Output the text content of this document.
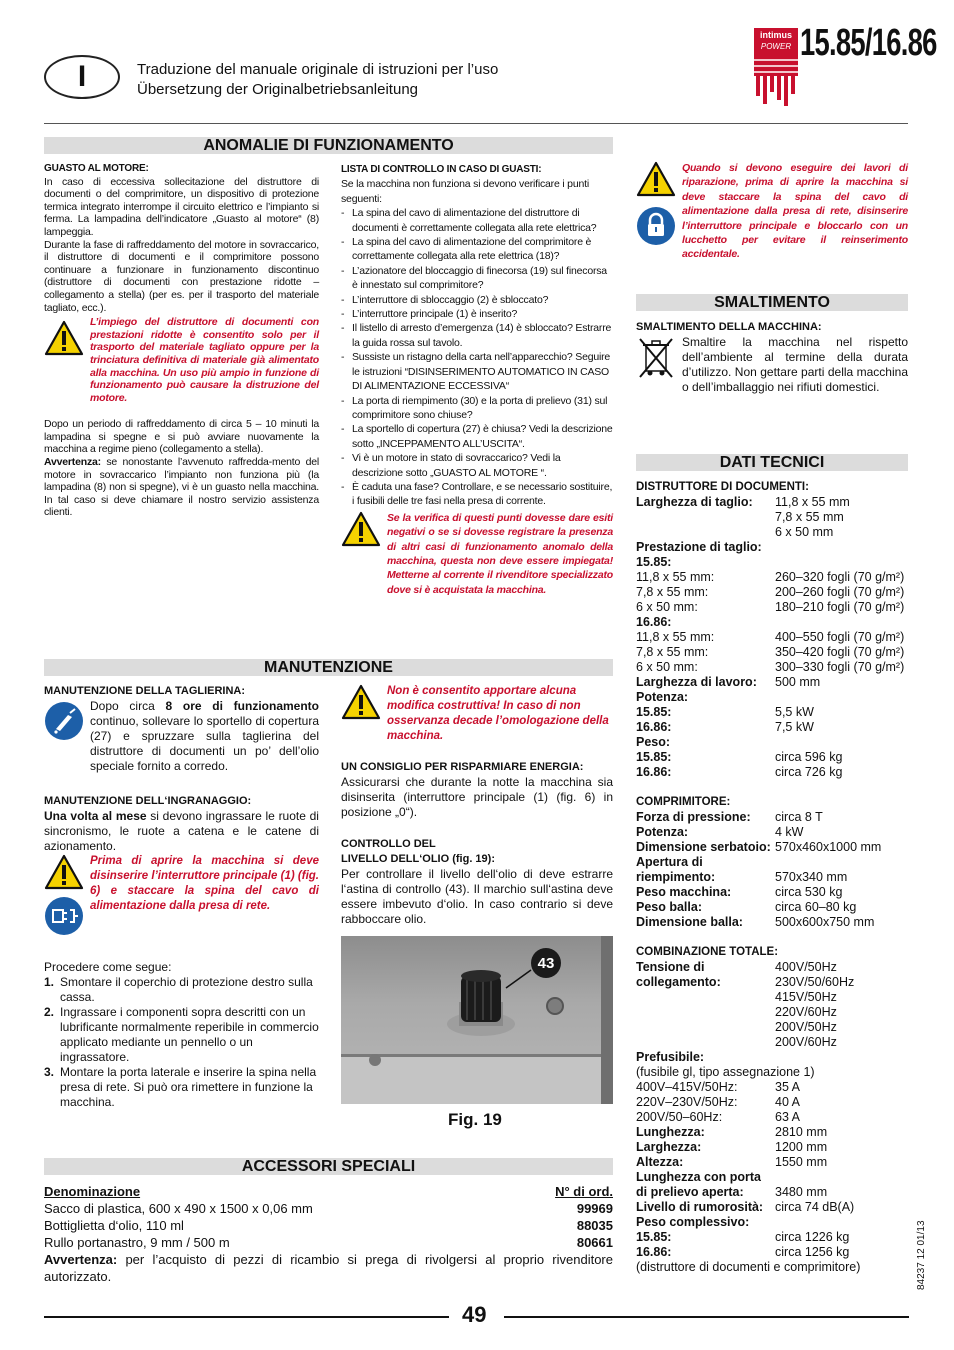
I	Traduzione del manuale originale di istruzioni per l’uso
Übersetzung der Originalbetriebsanleitung
intimus
POWER 15.85/16.86
ANOMALIE DI FUNZIONAMENTO

GUASTO AL MOTORE:

In caso di eccessiva sollecitazione del distruttore di documenti o del comprimitore, un dispositivo di protezione termica integrato interrompe il circuito elettrico e l’impianto si ferma. La lampadina dell’indicatore „Guasto al motore“ (8) lampeggia.

Durante la fase di raffreddamento del motore in sovraccarico, il distruttore di documenti e il comprimitore possono continuare a funzionare in funzionamento discontinuo (distruttore di documenti con prestazione ridotte – collegamento a stella) (per es. per il trasporto del materiale tagliato, ecc.).

L’impiego del distruttore di documenti con prestazioni ridotte è consentito solo per il trasporto del materiale tagliato oppure per la trinciatura definitiva di materiale già alimentato alla macchina. Un uso più ampio in funzione di funzionamento può causare la distruzione del motore.

Dopo un periodo di raffreddamento di circa 5 – 10 minuti la lampadina si spegne e si può avviare nuovamente la macchina a regime pieno (collegamento a stella).

Avvertenza: se nonostante l’avvenuto raffredda-mento del motore in sovraccarico l’impianto non funziona più (la lampadina (8) non si spegne), vi è un guasto nella macchina. In tal caso si deve chiamare il nostro servizio assistenza clienti.

LISTA DI CONTROLLO IN CASO DI GUASTI:

Se la macchina non funziona si devono verificare i punti seguenti:

- La spina del cavo di alimentazione del distruttore di documenti è correttamente collegata alla rete elettrica?
- La spina del cavo di alimentazione del comprimitore è correttamente collegata alla rete elettrica (18)?
- L’azionatore del bloccaggio di finecorsa (19) sul finecorsa è innestato sul comprimitore?
- L’interruttore di sbloccaggio (2) è sbloccato?
- L’interruttore principale (1) è inserito?
- Il listello di arresto d’emergenza (14) è sbloccato? Estrarre la guida rossa sul tavolo.
- Sussiste un ristagno della carta nell’apparecchio? Seguire le istruzioni “DISINSERIMENTO AUTOMATICO IN CASO DI ALIMENTAZIONE ECCESSIVA“
- La porta di riempimento (30) e la porta di prelievo (31) sul comprimitore sono chiuse?
- La sportello di copertura (27) è chiusa? Vedi la descrizione sotto „INCEPPAMENTO ALL’USCITA“.
- Vi è un motore in stato di sovraccarico? Vedi la descrizione sotto „GUASTO AL MOTORE “.
- È caduta una fase? Controllare, e se necessario sostituire, i fusibili delle tre fasi nella presa di corrente.

Se la verifica di questi punti dovesse dare esiti negativi o se si dovesse registrare la presenza di altri casi di funzionamento anomalo della macchina, questa non deve essere impiegata! Metterne al corrente il rivenditore specializzato dove si è acquistata la macchina.

Quando si devono eseguire dei lavori di riparazione, prima di aprire la macchina si deve staccare la spina del cavo di alimentazione dalla presa di rete, disinserire l’interruttore principale e bloccarlo con un lucchetto per evitare il reinserimento accidentale.

SMALTIMENTO

SMALTIMENTO DELLA MACCHINA:

Smaltire la macchina nel rispetto dell’ambiente al termine della durata d’utilizzo. Non gettare parti della macchina o dell’imballaggio nei rifiuti domestici.

DATI TECNICI
DISTRUTTORE DI DOCUMENTI:
Larghezza di taglio:	11,8 x 55 mm
7,8 x 55 mm
6 x 50 mm
Prestazione di taglio:
15.85:
11,8 x 55 mm:	260–320 fogli (70 g/m²)
7,8 x 55 mm:	200–260 fogli (70 g/m²)
6 x 50 mm:	180–210 fogli (70 g/m²)
16.86:
11,8 x 55 mm:	400–550 fogli (70 g/m²)
7,8 x 55 mm:	350–420 fogli (70 g/m²)
6 x 50 mm:	300–330 fogli (70 g/m²)
Larghezza di lavoro:	500 mm
Potenza:
15.85:	5,5 kW
16.86:	7,5 kW
Peso:
15.85:	circa 596 kg
16.86:	circa 726 kg
COMPRIMITORE:
Forza di pressione:	circa 8 T
Potenza:	4 kW
Dimensione serbatoio: 570x460x1000 mm
Apertura di
riempimento:	570x340 mm
Peso macchina:	circa 530 kg
Peso balla:	circa 60–80 kg
Dimensione balla:	500x600x750 mm
COMBINAZIONE TOTALE:
Tensione di	400V/50Hz
collegamento:	230V/50/60Hz
415V/50Hz
220V/60Hz
200V/50Hz
200V/60Hz
Prefusibile:
(fusibile gl, tipo assegnazione 1)
400V–415V/50Hz:	35 A
220V–230V/50Hz:	40 A
200V/50–60Hz:	63 A
Lunghezza:	2810 mm
Larghezza:	1200 mm
Altezza:	1550 mm
Lunghezza con porta
di prelievo aperta:	3480 mm
Livello di rumorosità: circa 74 dB(A)
Peso complessivo:
15.85:	circa 1226 kg
16.86:	circa 1256 kg
(distruttore di documenti e comprimitore)
MANUTENZIONE

MANUTENZIONE DELLA TAGLIERINA:

Dopo circa 8 ore di funzionamento continuo, sollevare lo sportello di copertura (27) e spruzzare sulla taglierina del distruttore di documenti un po’ dell’olio speciale fornito a corredo.

MANUTENZIONE DELL‘INGRANAGGIO:

Una volta al mese si devono ingrassare le ruote di sincronismo, le ruote a catena e le catene di azionamento.

Prima di aprire la macchina si deve disinserire l’interruttore principale (1) (fig. 6) e staccare la spina del cavo di alimentazione dalla presa di rete.

Procedere come segue:

1. Smontare il coperchio di protezione destro sulla cassa.
2. Ingrassare i componenti sopra descritti con un lubrificante normalmente reperibile in commercio applicato mediante un pennello o un ingrassatore.
3. Montare la porta laterale e inserire la spina nella presa di rete. Si può ora rimettere in funzione la macchina.

Non è consentito apportare alcuna modifica costruttiva! In caso di non osservanza decade l’omologazione della macchina.

UN CONSIGLIO PER RISPARMIARE ENERGIA:

Assicurarsi che durante la notte la macchina sia disinserita (interruttore principale (1) (fig. 6) in posizione „0“).

CONTROLLO DEL

LIVELLO DELL‘OLIO (fig. 19):

Per controllare il livello dell‘olio di deve estrarre l‘astina di controllo (43). Il marchio sull‘astina deve essere imbevuto d‘olio. In caso contrario si deve rabboccare olio.

43
Fig. 19
ACCESSORI SPECIALI
Denominazione	N° di ord.
Sacco di plastica, 600 x 490 x 1500 x 0,06 mm	99969
Bottiglietta d‘olio, 110 ml	88035
Rullo portanastro, 9 mm / 500 m	80661

Avvertenza: per l’acquisto di pezzi di ricambio si prega di rivolgersi al proprio rivenditore autorizzato.

49
84237 12 01/13
